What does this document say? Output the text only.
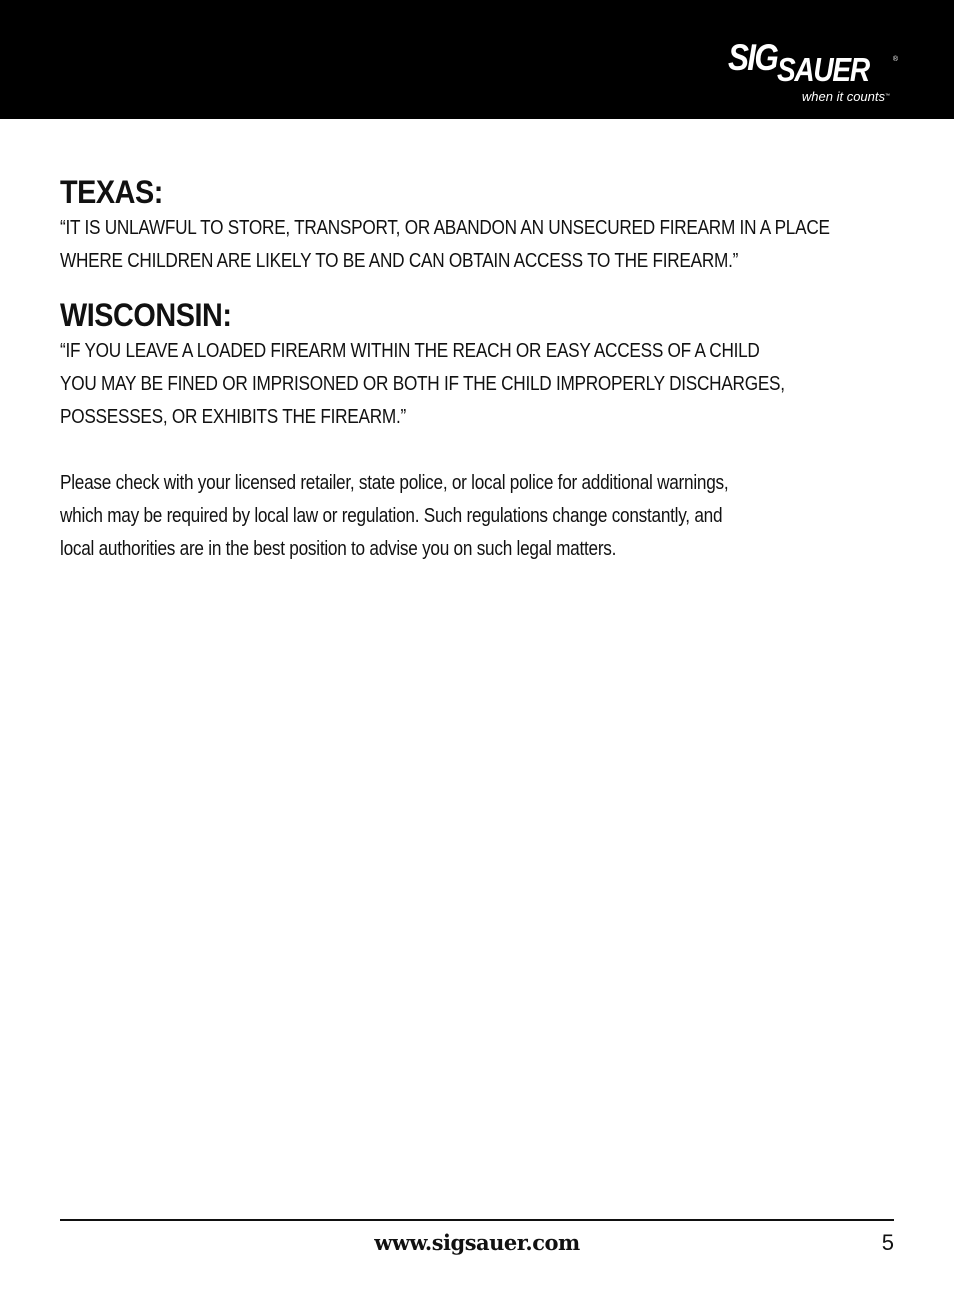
SIG SAUER	®
when it counts™
TEXAS:

“IT IS UNLAWFUL TO STORE, TRANSPORT, OR ABANDON AN UNSECURED FIREARM IN A PLACE
WHERE CHILDREN ARE LIKELY TO BE AND CAN OBTAIN ACCESS TO THE FIREARM.”

WISCONSIN:

“IF YOU LEAVE A LOADED FIREARM WITHIN THE REACH OR EASY ACCESS OF A CHILD
YOU MAY BE FINED OR IMPRISONED OR BOTH IF THE CHILD IMPROPERLY DISCHARGES,
POSSESSES, OR EXHIBITS THE FIREARM.”

Please check with your licensed retailer, state police, or local police for additional warnings,
which may be required by local law or regulation. Such regulations change constantly, and
local authorities are in the best position to advise you on such legal matters.

www.sigsauer.com	5
